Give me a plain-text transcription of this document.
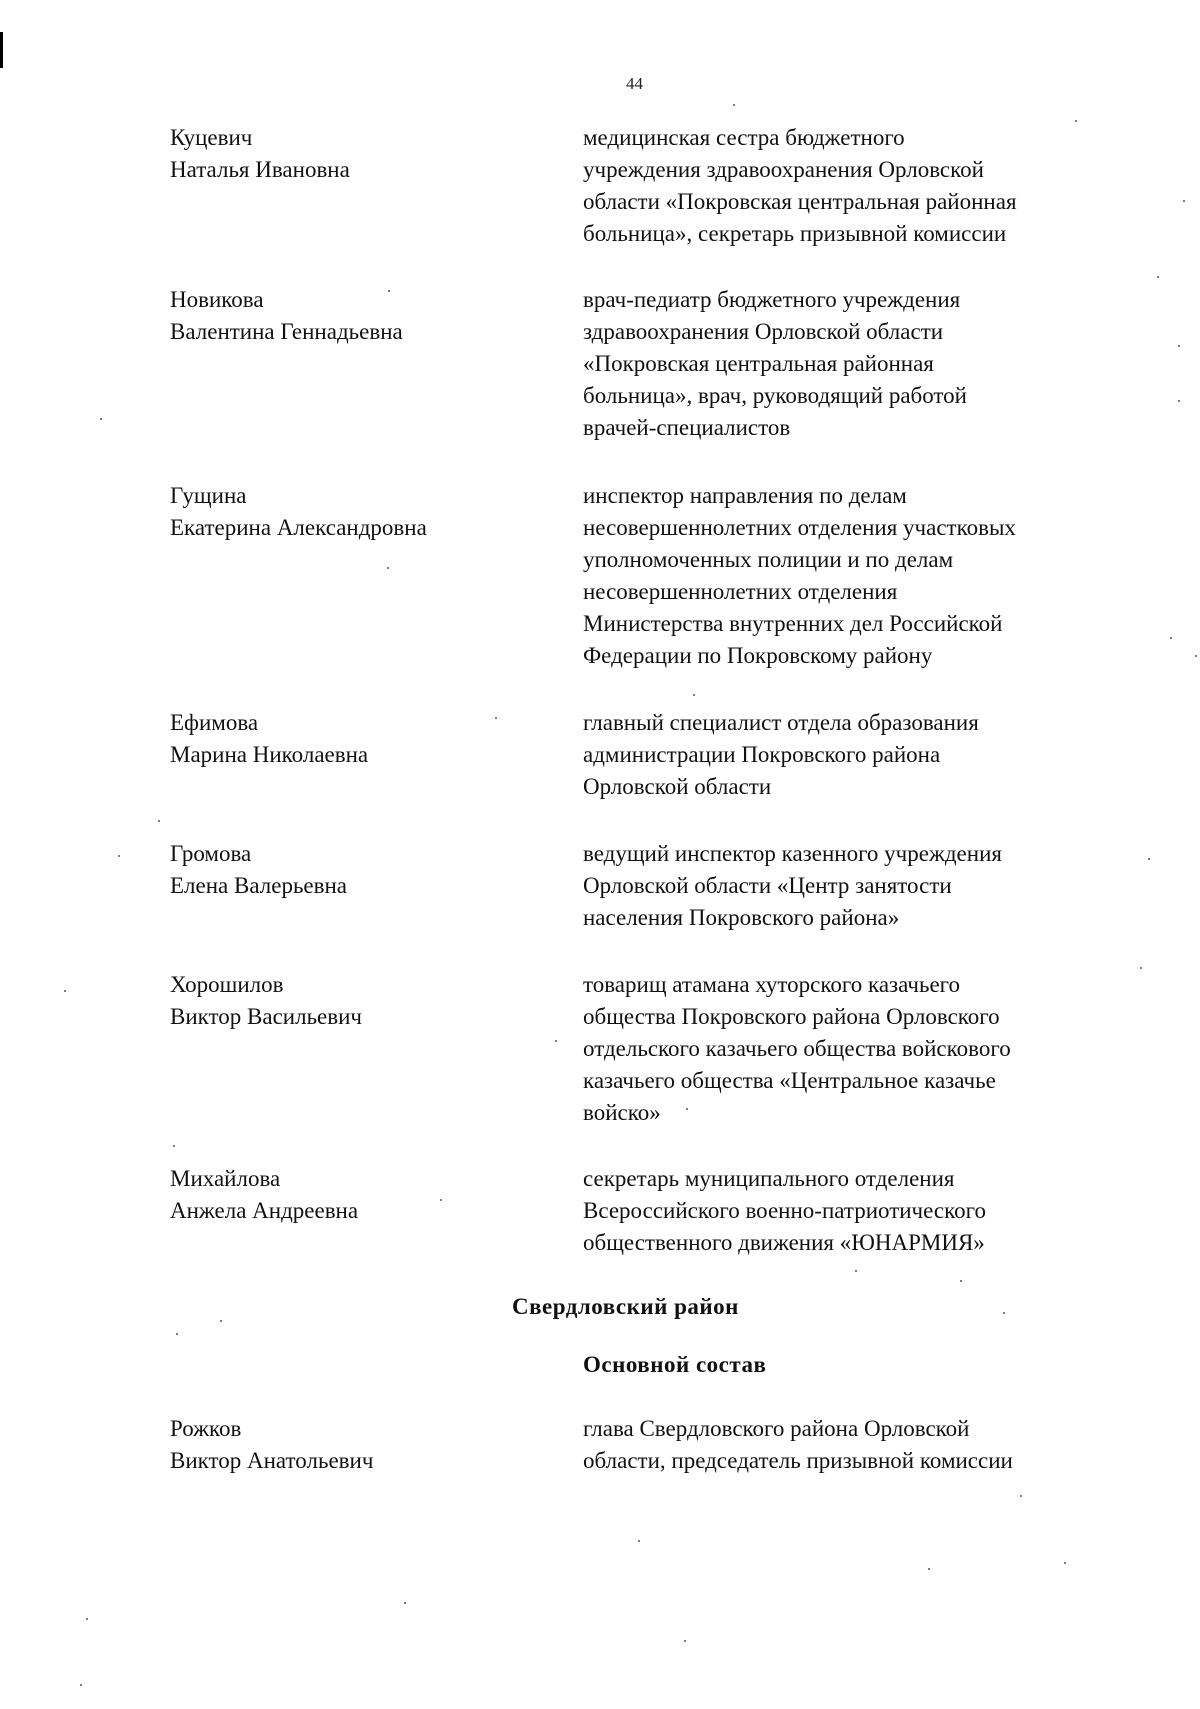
44
Куцевич
Наталья Ивановна
медицинская сестра бюджетного
учреждения здравоохранения Орловской
области «Покровская центральная районная
больница», секретарь призывной комиссии
Новикова
Валентина Геннадьевна
врач-педиатр бюджетного учреждения
здравоохранения Орловской области
«Покровская центральная районная
больница», врач, руководящий работой
врачей-специалистов
Гущина
Екатерина Александровна
инспектор направления по делам
несовершеннолетних отделения участковых
уполномоченных полиции и по делам
несовершеннолетних отделения
Министерства внутренних дел Российской
Федерации по Покровскому району
Ефимова
Марина Николаевна
главный специалист отдела образования
администрации Покровского района
Орловской области
Громова
Елена Валерьевна
ведущий инспектор казенного учреждения
Орловской области «Центр занятости
населения Покровского района»
Хорошилов
Виктор Васильевич
товарищ атамана хуторского казачьего
общества Покровского района Орловского
отдельского казачьего общества войскового
казачьего общества «Центральное казачье
войско»
Михайлова
Анжела Андреевна
секретарь муниципального отделения
Всероссийского военно-патриотического
общественного движения «ЮНАРМИЯ»
Свердловский район
Основной состав
Рожков
Виктор Анатольевич
глава Свердловского района Орловской
области, председатель призывной комиссии
